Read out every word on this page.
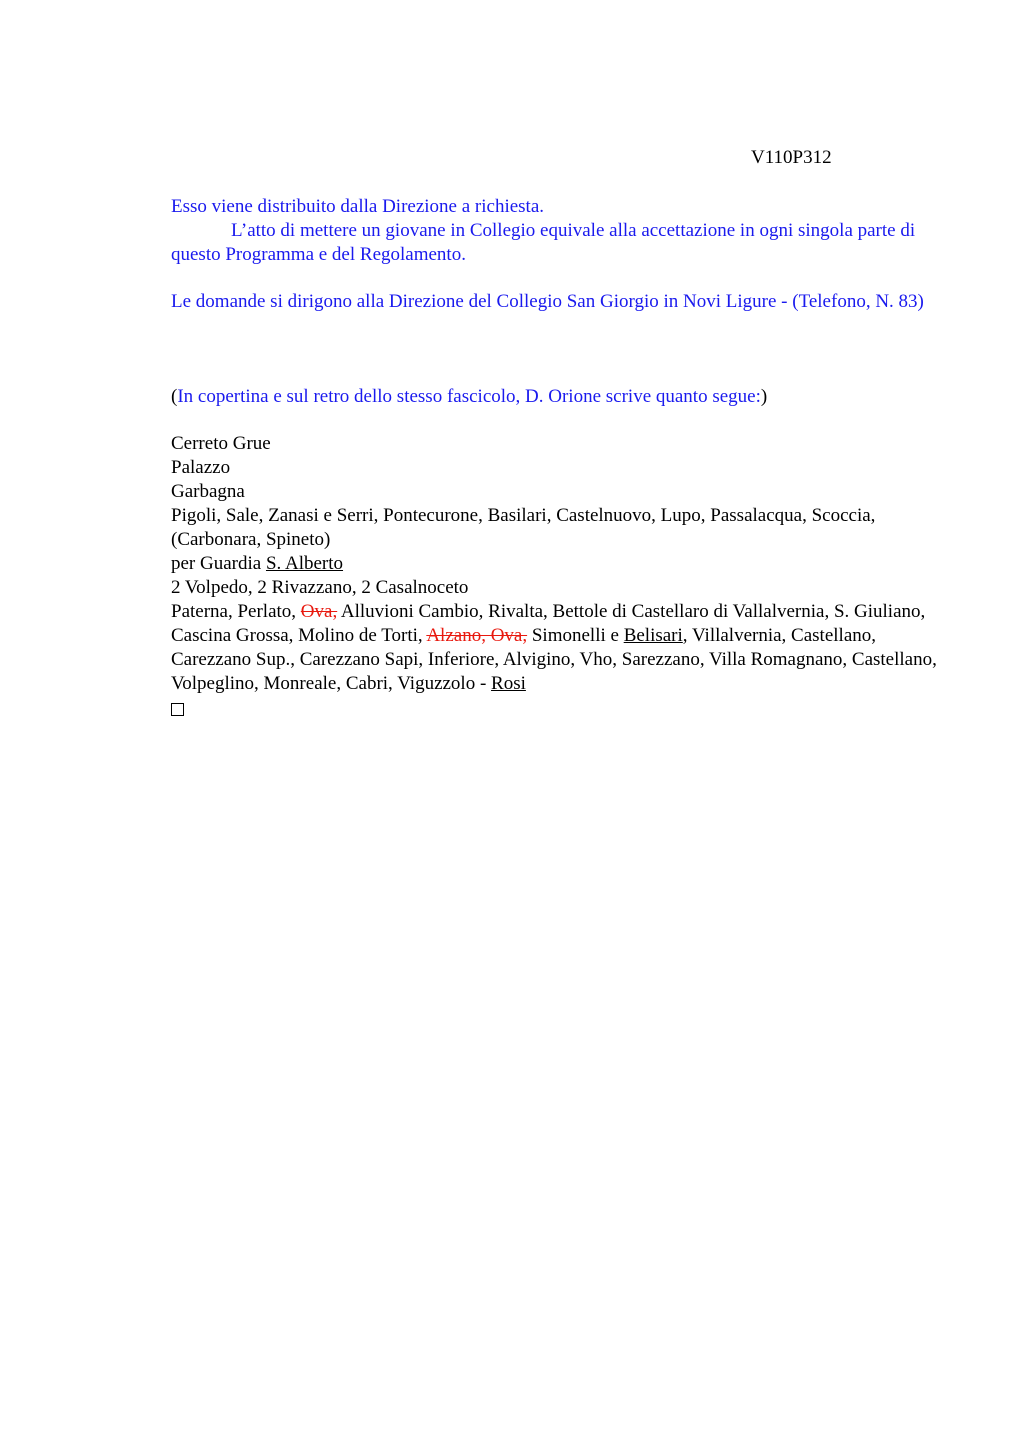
V110P312

Esso viene distribuito dalla Direzione a richiesta.

L’atto di mettere un giovane in Collegio equivale alla accettazione in ogni singola parte di questo Programma e del Regolamento.

Le domande si dirigono alla Direzione del Collegio San Giorgio in Novi Ligure - (Telefono, N. 83)

(In copertina e sul retro dello stesso fascicolo, D. Orione scrive quanto segue:)

Cerreto Grue

Palazzo

Garbagna

Pigoli, Sale, Zanasi e Serri, Pontecurone, Basilari, Castelnuovo, Lupo, Passalacqua, Scoccia, (Carbonara, Spineto)

per Guardia S. Alberto

2 Volpedo, 2 Rivazzano, 2 Casalnoceto

Paterna, Perlato, Ova, Alluvioni Cambio, Rivalta, Bettole di Castellaro di Vallalvernia, S. Giuliano, Cascina Grossa, Molino de Torti, Alzano, Ova, Simonelli e Belisari, Villalvernia, Castellano, Carezzano Sup., Carezzano Sapi, Inferiore, Alvigino, Vho, Sarezzano, Villa Romagnano, Castellano, Volpeglino, Monreale, Cabri, Viguzzolo - Rosi
